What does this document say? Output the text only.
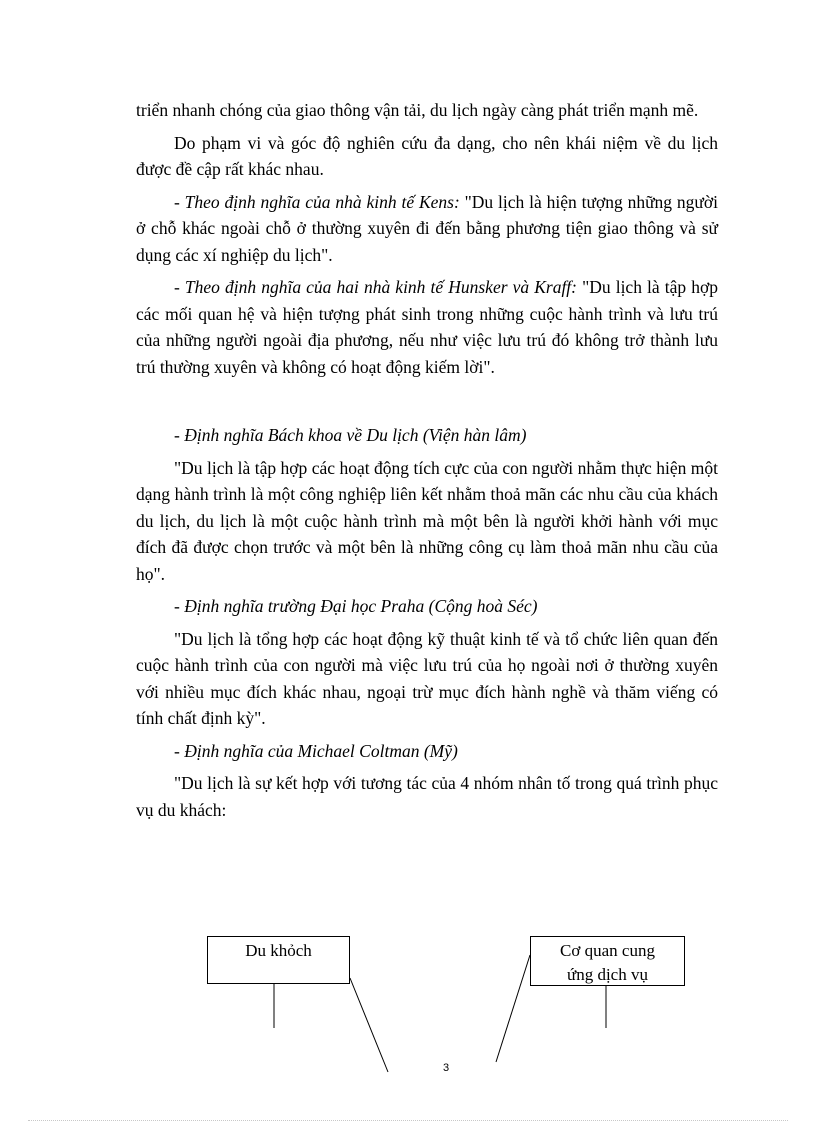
triển nhanh chóng của giao thông vận tải, du lịch ngày càng phát triển mạnh mẽ.

Do phạm vi và góc độ nghiên cứu đa dạng, cho nên khái niệm về du lịch được đề cập rất khác nhau.

- Theo định nghĩa của nhà kinh tế Kens: "Du lịch là hiện tượng những người ở chỗ khác ngoài chỗ ở thường xuyên đi đến bằng phương tiện giao thông và sử dụng các xí nghiệp du lịch".

- Theo định nghĩa của hai nhà kinh tế Hunsker và Kraff: "Du lịch là tập hợp các mối quan hệ và hiện tượng phát sinh trong những cuộc hành trình và lưu trú của những người ngoài địa phương, nếu như việc lưu trú đó không trở thành lưu trú thường xuyên và không có hoạt động kiếm lời".

- Định nghĩa Bách khoa về Du lịch (Viện hàn lâm)

"Du lịch là tập hợp các hoạt động tích cực của con người nhằm thực hiện một dạng hành trình là một công nghiệp liên kết nhằm thoả mãn các nhu cầu của khách du lịch, du lịch là một cuộc hành trình mà một bên là người khởi hành với mục đích đã được chọn trước và một bên là những công cụ làm thoả mãn nhu cầu của họ".

- Định nghĩa trường Đại học Praha (Cộng hoà Séc)

"Du lịch là tổng hợp các hoạt động kỹ thuật kinh tế và tổ chức liên quan đến cuộc hành trình của con người mà việc lưu trú của họ ngoài nơi ở thường xuyên với nhiều mục đích khác nhau, ngoại trừ mục đích hành nghề và thăm viếng có tính chất định kỳ".

- Định nghĩa của Michael Coltman (Mỹ)

"Du lịch là sự kết hợp với tương tác của 4 nhóm nhân tố trong quá trình phục vụ du khách:

Du khỏch	Cơ quan cung
ứng dịch vụ
3
